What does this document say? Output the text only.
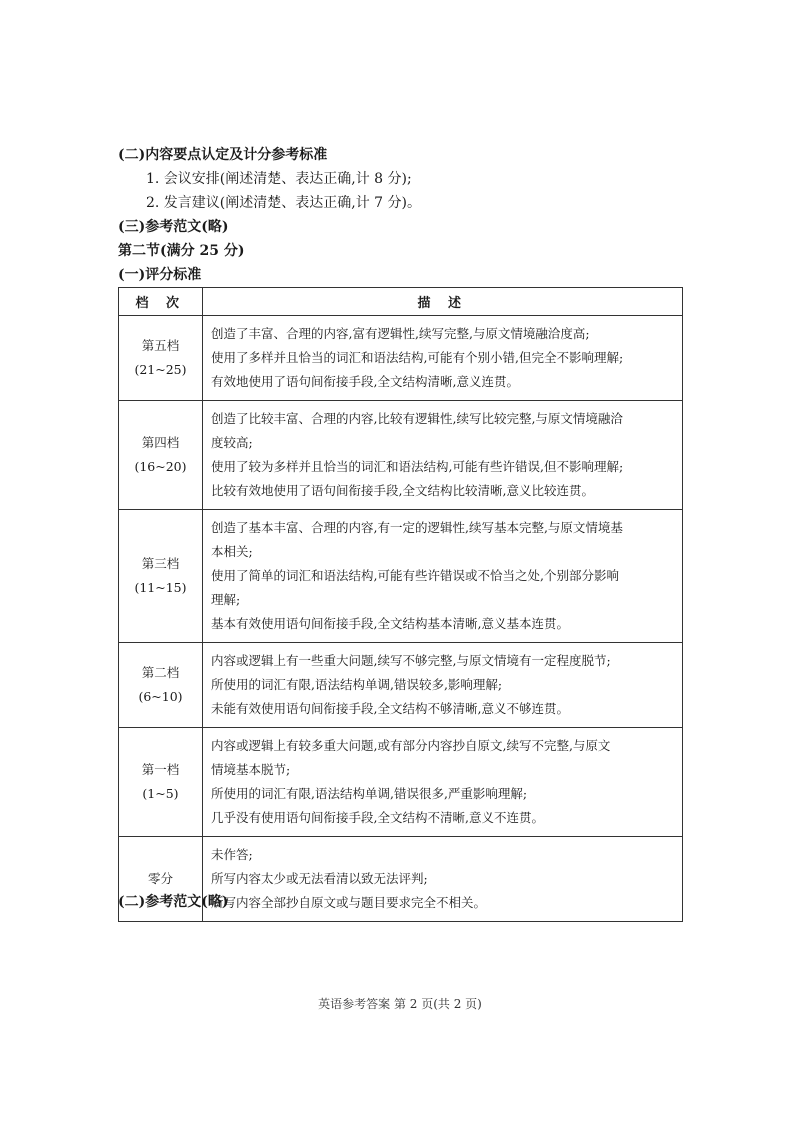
(二)内容要点认定及计分参考标准
1. 会议安排(阐述清楚、表达正确,计 8 分);
2. 发言建议(阐述清楚、表达正确,计 7 分)。
(三)参考范文(略)
第二节(满分 25 分)
(一)评分标准
档 次	描 述

第五档
(21~25)	创造了丰富、合理的内容,富有逻辑性,续写完整,与原文情境融洽度高;
使用了多样并且恰当的词汇和语法结构,可能有个别小错,但完全不影响理解;
有效地使用了语句间衔接手段,全文结构清晰,意义连贯。

第四档
(16~20)	创造了比较丰富、合理的内容,比较有逻辑性,续写比较完整,与原文情境融洽
度较高;
使用了较为多样并且恰当的词汇和语法结构,可能有些许错误,但不影响理解;
比较有效地使用了语句间衔接手段,全文结构比较清晰,意义比较连贯。

第三档
(11~15)	创造了基本丰富、合理的内容,有一定的逻辑性,续写基本完整,与原文情境基
本相关;
使用了简单的词汇和语法结构,可能有些许错误或不恰当之处,个别部分影响
理解;
基本有效使用语句间衔接手段,全文结构基本清晰,意义基本连贯。

第二档
(6~10)	内容或逻辑上有一些重大问题,续写不够完整,与原文情境有一定程度脱节;
所使用的词汇有限,语法结构单调,错误较多,影响理解;
未能有效使用语句间衔接手段,全文结构不够清晰,意义不够连贯。

第一档
(1~5)	内容或逻辑上有较多重大问题,或有部分内容抄自原文,续写不完整,与原文
情境基本脱节;
所使用的词汇有限,语法结构单调,错误很多,严重影响理解;
几乎没有使用语句间衔接手段,全文结构不清晰,意义不连贯。

零分	未作答;
所写内容太少或无法看清以致无法评判;
所写内容全部抄自原文或与题目要求完全不相关。
(二)参考范文(略)
英语参考答案 第 2 页(共 2 页)
